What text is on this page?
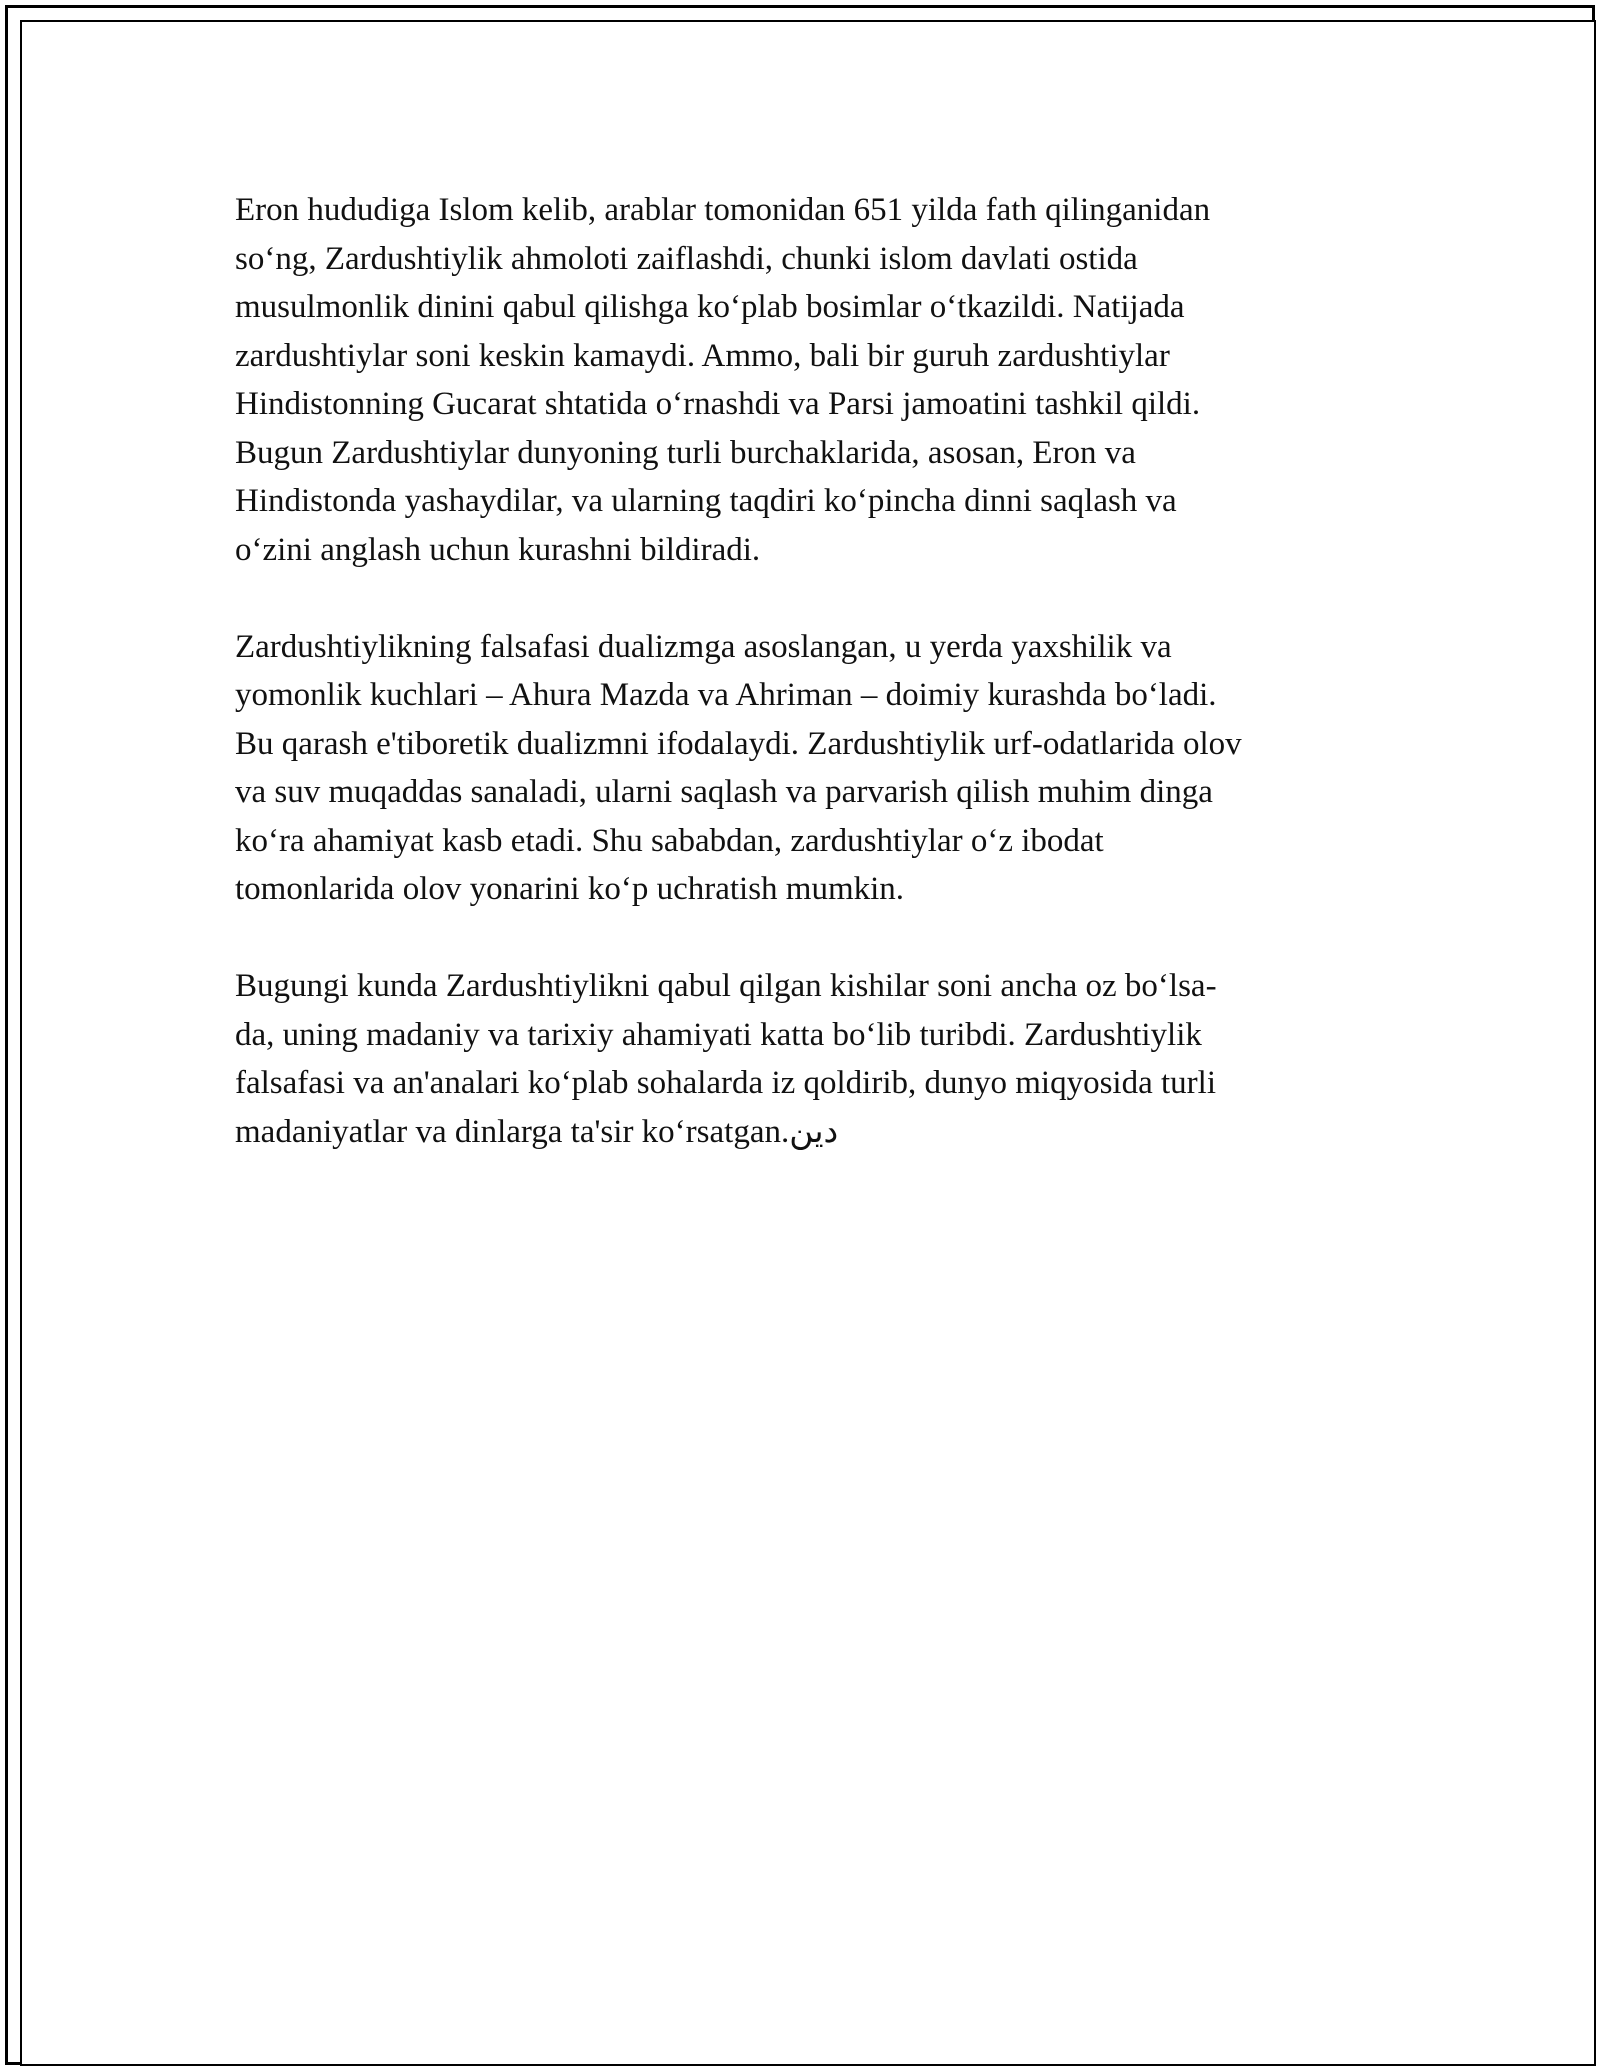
Eron hududiga Islom kelib, arablar tomonidan 651 yilda fath qilinganidan
so‘ng, Zardushtiylik ahmoloti zaiflashdi, chunki islom davlati ostida
musulmonlik dinini qabul qilishga ko‘plab bosimlar o‘tkazildi. Natijada
zardushtiylar soni keskin kamaydi. Ammo, bali bir guruh zardushtiylar
Hindistonning Gucarat shtatida o‘rnashdi va Parsi jamoatini tashkil qildi.
Bugun Zardushtiylar dunyoning turli burchaklarida, asosan, Eron va
Hindistonda yashaydilar, va ularning taqdiri ko‘pincha dinni saqlash va
o‘zini anglash uchun kurashni bildiradi.

Zardushtiylikning falsafasi dualizmga asoslangan, u yerda yaxshilik va
yomonlik kuchlari – Ahura Mazda va Ahriman – doimiy kurashda bo‘ladi.
Bu qarash e'tiboretik dualizmni ifodalaydi. Zardushtiylik urf-odatlarida olov
va suv muqaddas sanaladi, ularni saqlash va parvarish qilish muhim dinga
ko‘ra ahamiyat kasb etadi. Shu sababdan, zardushtiylar o‘z ibodat
tomonlarida olov yonarini ko‘p uchratish mumkin.

Bugungi kunda Zardushtiylikni qabul qilgan kishilar soni ancha oz bo‘lsa-
da, uning madaniy va tarixiy ahamiyati katta bo‘lib turibdi. Zardushtiylik
falsafasi va an'analari ko‘plab sohalarda iz qoldirib, dunyo miqyosida turli
madaniyatlar va dinlarga ta'sir ko‘rsatgan.دين
